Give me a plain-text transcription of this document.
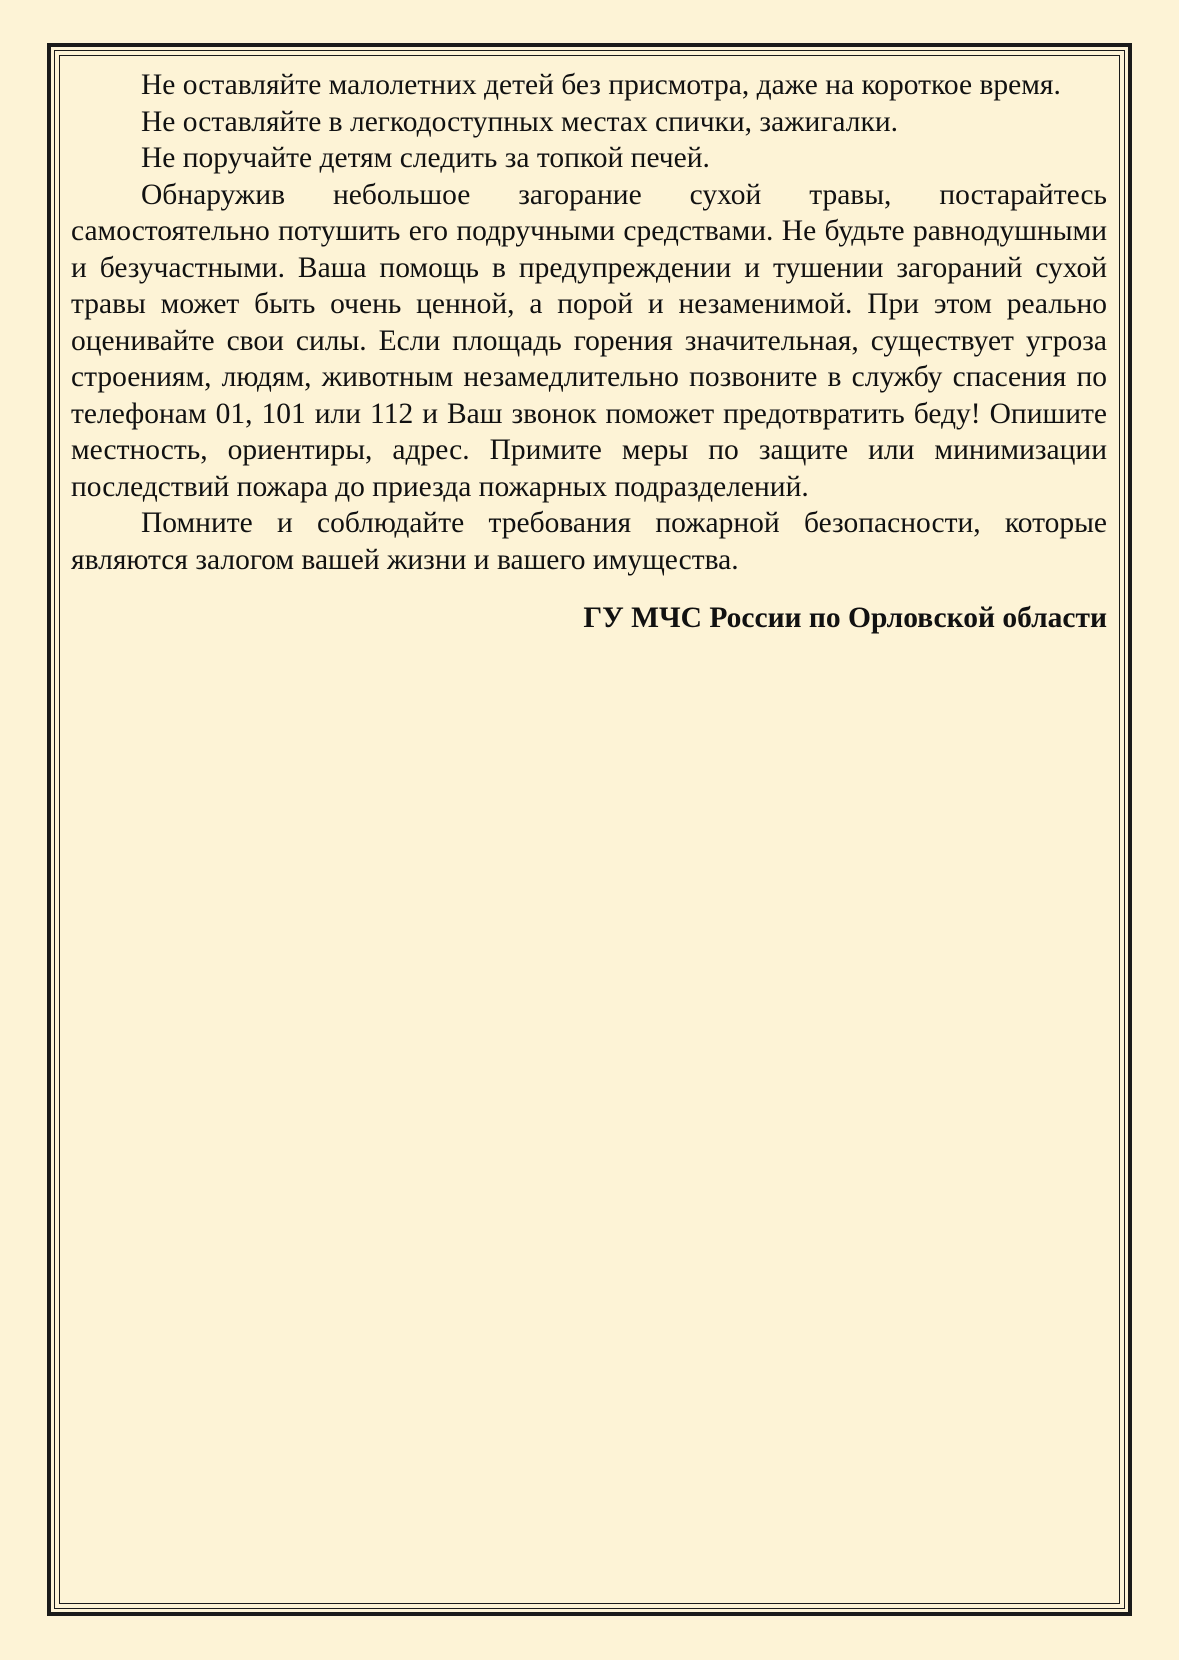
Не оставляйте малолетних детей без присмотра, даже на короткое время.

Не оставляйте в легкодоступных местах спички, зажигалки.

Не поручайте детям следить за топкой печей.

Обнаружив небольшое загорание сухой травы, постарайтесь самостоятельно потушить его подручными средствами. Не будьте равнодушными и безучастными. Ваша помощь в предупреждении и тушении загораний сухой травы может быть очень ценной, а порой и незаменимой. При этом реально оценивайте свои силы. Если площадь горения значительная, существует угроза строениям, людям, животным незамедлительно позвоните в службу спасения по телефонам 01, 101 или 112 и Ваш звонок поможет предотвратить беду! Опишите местность, ориентиры, адрес. Примите меры по защите или минимизации последствий пожара до приезда пожарных подразделений.

Помните и соблюдайте требования пожарной безопасности, которые являются залогом вашей жизни и вашего имущества.

ГУ МЧС России по Орловской области
